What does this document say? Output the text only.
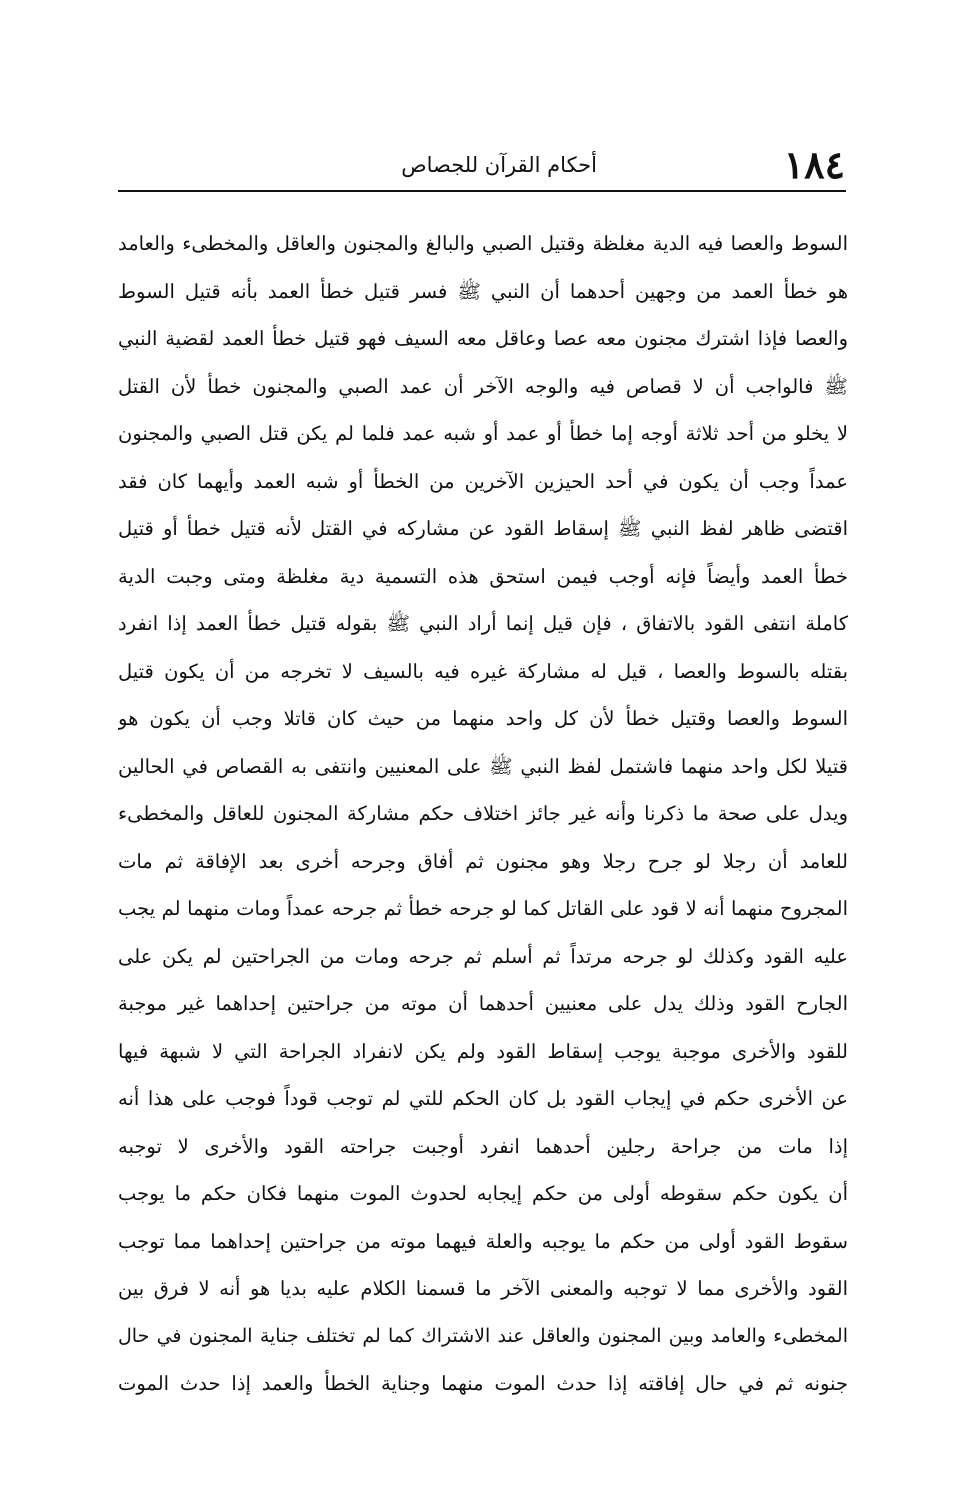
١٨٤
أحكام القرآن للجصاص
السوط والعصا فيه الدية مغلظة وقتيل الصبي والبالغ والمجنون والعاقل والمخطىء والعامد
هو خطأ العمد من وجهين أحدهما أن النبي ﷺ فسر قتيل خطأ العمد بأنه قتيل السوط
والعصا فإذا اشترك مجنون معه عصا وعاقل معه السيف فهو قتيل خطأ العمد لقضية النبي
ﷺ فالواجب أن لا قصاص فيه والوجه الآخر أن عمد الصبي والمجنون خطأ لأن القتل
لا يخلو من أحد ثلاثة أوجه إما خطأ أو عمد أو شبه عمد فلما لم يكن قتل الصبي والمجنون
عمداً وجب أن يكون في أحد الحيزين الآخرين من الخطأ أو شبه العمد وأيهما كان فقد
اقتضى ظاهر لفظ النبي ﷺ إسقاط القود عن مشاركه في القتل لأنه قتيل خطأ أو قتيل
خطأ العمد وأيضاً فإنه أوجب فيمن استحق هذه التسمية دية مغلظة ومتى وجبت الدية
كاملة انتفى القود بالاتفاق ، فإن قيل إنما أراد النبي ﷺ بقوله قتيل خطأ العمد إذا انفرد
بقتله بالسوط والعصا ، قيل له مشاركة غيره فيه بالسيف لا تخرجه من أن يكون قتيل
السوط والعصا وقتيل خطأ لأن كل واحد منهما من حيث كان قاتلا وجب أن يكون هو
قتيلا لكل واحد منهما فاشتمل لفظ النبي ﷺ على المعنيين وانتفى به القصاص في الحالين
ويدل على صحة ما ذكرنا وأنه غير جائز اختلاف حكم مشاركة المجنون للعاقل والمخطىء
للعامد أن رجلا لو جرح رجلا وهو مجنون ثم أفاق وجرحه أخرى بعد الإفاقة ثم مات
المجروح منهما أنه لا قود على القاتل كما لو جرحه خطأ ثم جرحه عمداً ومات منهما لم يجب
عليه القود وكذلك لو جرحه مرتداً ثم أسلم ثم جرحه ومات من الجراحتين لم يكن على
الجارح القود وذلك يدل على معنيين أحدهما أن موته من جراحتين إحداهما غير موجبة
للقود والأخرى موجبة يوجب إسقاط القود ولم يكن لانفراد الجراحة التي لا شبهة فيها
عن الأخرى حكم في إيجاب القود بل كان الحكم للتي لم توجب قوداً فوجب على هذا أنه
إذا مات من جراحة رجلين أحدهما انفرد أوجبت جراحته القود والأخرى لا توجبه
أن يكون حكم سقوطه أولى من حكم إيجابه لحدوث الموت منهما فكان حكم ما يوجب
سقوط القود أولى من حكم ما يوجبه والعلة فيهما موته من جراحتين إحداهما مما توجب
القود والأخرى مما لا توجبه والمعنى الآخر ما قسمنا الكلام عليه بديا هو أنه لا فرق بين
المخطىء والعامد وبين المجنون والعاقل عند الاشتراك كما لم تختلف جناية المجنون في حال
جنونه ثم في حال إفاقته إذا حدث الموت منهما وجناية الخطأ والعمد إذا حدث الموت
